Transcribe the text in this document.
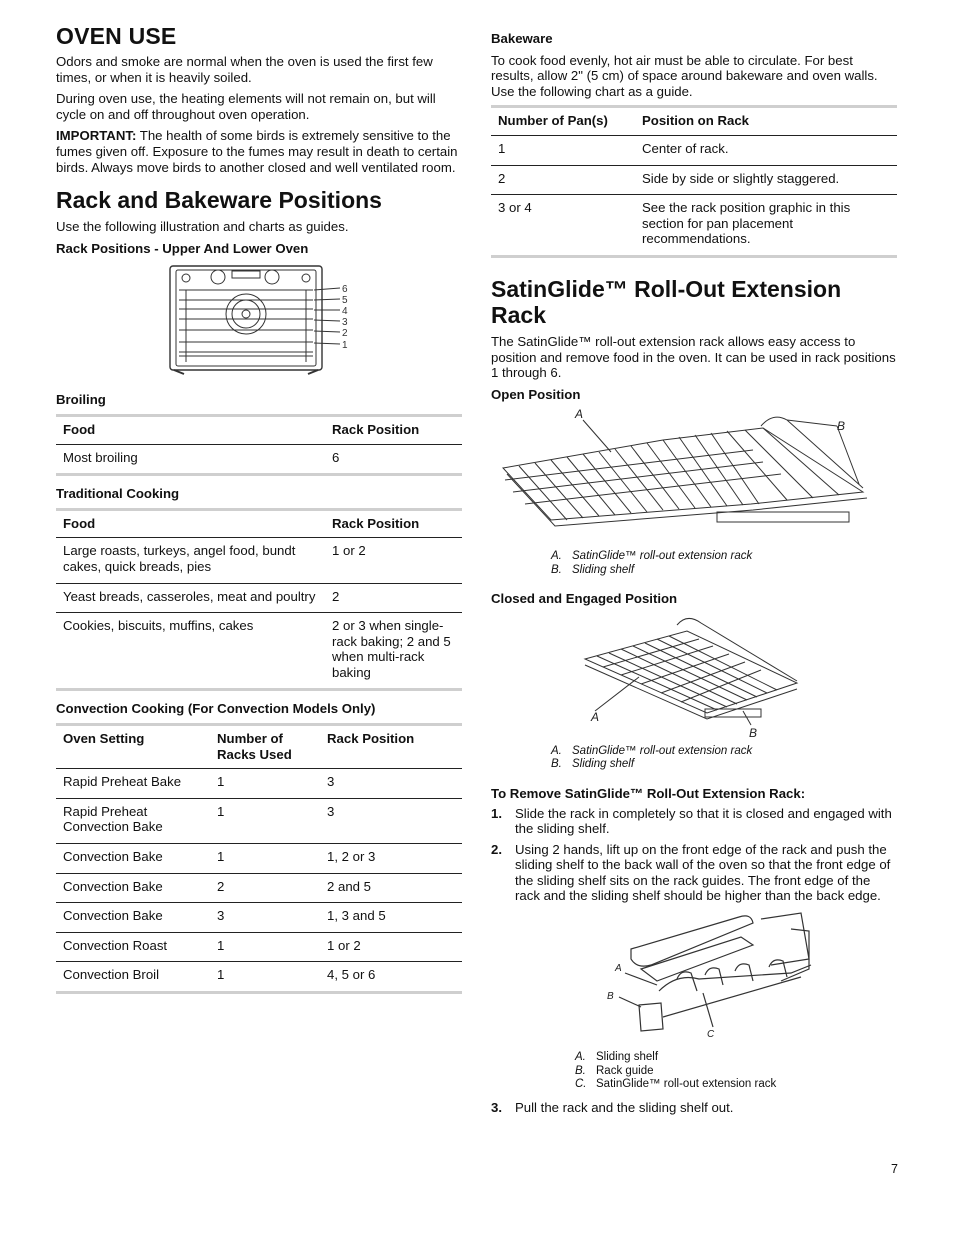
OVEN USE

Odors and smoke are normal when the oven is used the first few times, or when it is heavily soiled.

During oven use, the heating elements will not remain on, but will cycle on and off throughout oven operation.

IMPORTANT: The health of some birds is extremely sensitive to the fumes given off. Exposure to the fumes may result in death to certain birds. Always move birds to another closed and well ventilated room.

Rack and Bakeware Positions

Use the following illustration and charts as guides.

Rack Positions - Upper And Lower Oven
6
5
4
3
2
1
Broiling
Food	Rack Position
Most broiling	6
Traditional Cooking
Food	Rack Position
Large roasts, turkeys, angel food, bundt cakes, quick breads, pies	1 or 2
Yeast breads, casseroles, meat and poultry	2
Cookies, biscuits, muffins, cakes	2 or 3 when single-rack baking; 2 and 5 when multi-rack baking
Convection Cooking (For Convection Models Only)
Oven Setting	Number of Racks Used	Rack Position
Rapid Preheat Bake	1	3
Rapid Preheat Convection Bake	1	3
Convection Bake	1	1, 2 or 3
Convection Bake	2	2 and 5
Convection Bake	3	1, 3 and 5
Convection Roast	1	1 or 2
Convection Broil	1	4, 5 or 6
Bakeware

To cook food evenly, hot air must be able to circulate. For best results, allow 2" (5 cm) of space around bakeware and oven walls. Use the following chart as a guide.

Number of Pan(s)	Position on Rack
1	Center of rack.
2	Side by side or slightly staggered.
3 or 4	See the rack position graphic in this section for pan placement recommendations.
SatinGlide™ Roll-Out Extension Rack

The SatinGlide™ roll-out extension rack allows easy access to position and remove food in the oven. It can be used in rack positions 1 through 6.

Open Position
A
B
A. SatinGlide™ roll-out extension rack
B. Sliding shelf
Closed and Engaged Position
A
B
A. SatinGlide™ roll-out extension rack
B. Sliding shelf
To Remove SatinGlide™ Roll-Out Extension Rack:
1. Slide the rack in completely so that it is closed and engaged with the sliding shelf.
2. Using 2 hands, lift up on the front edge of the rack and push the sliding shelf to the back wall of the oven so that the front edge of the sliding shelf sits on the rack guides. The front edge of the rack and the sliding shelf should be higher than the back edge.
A
B
C
A. Sliding shelf
B. Rack guide
C. SatinGlide™ roll-out extension rack
3. Pull the rack and the sliding shelf out.
7
